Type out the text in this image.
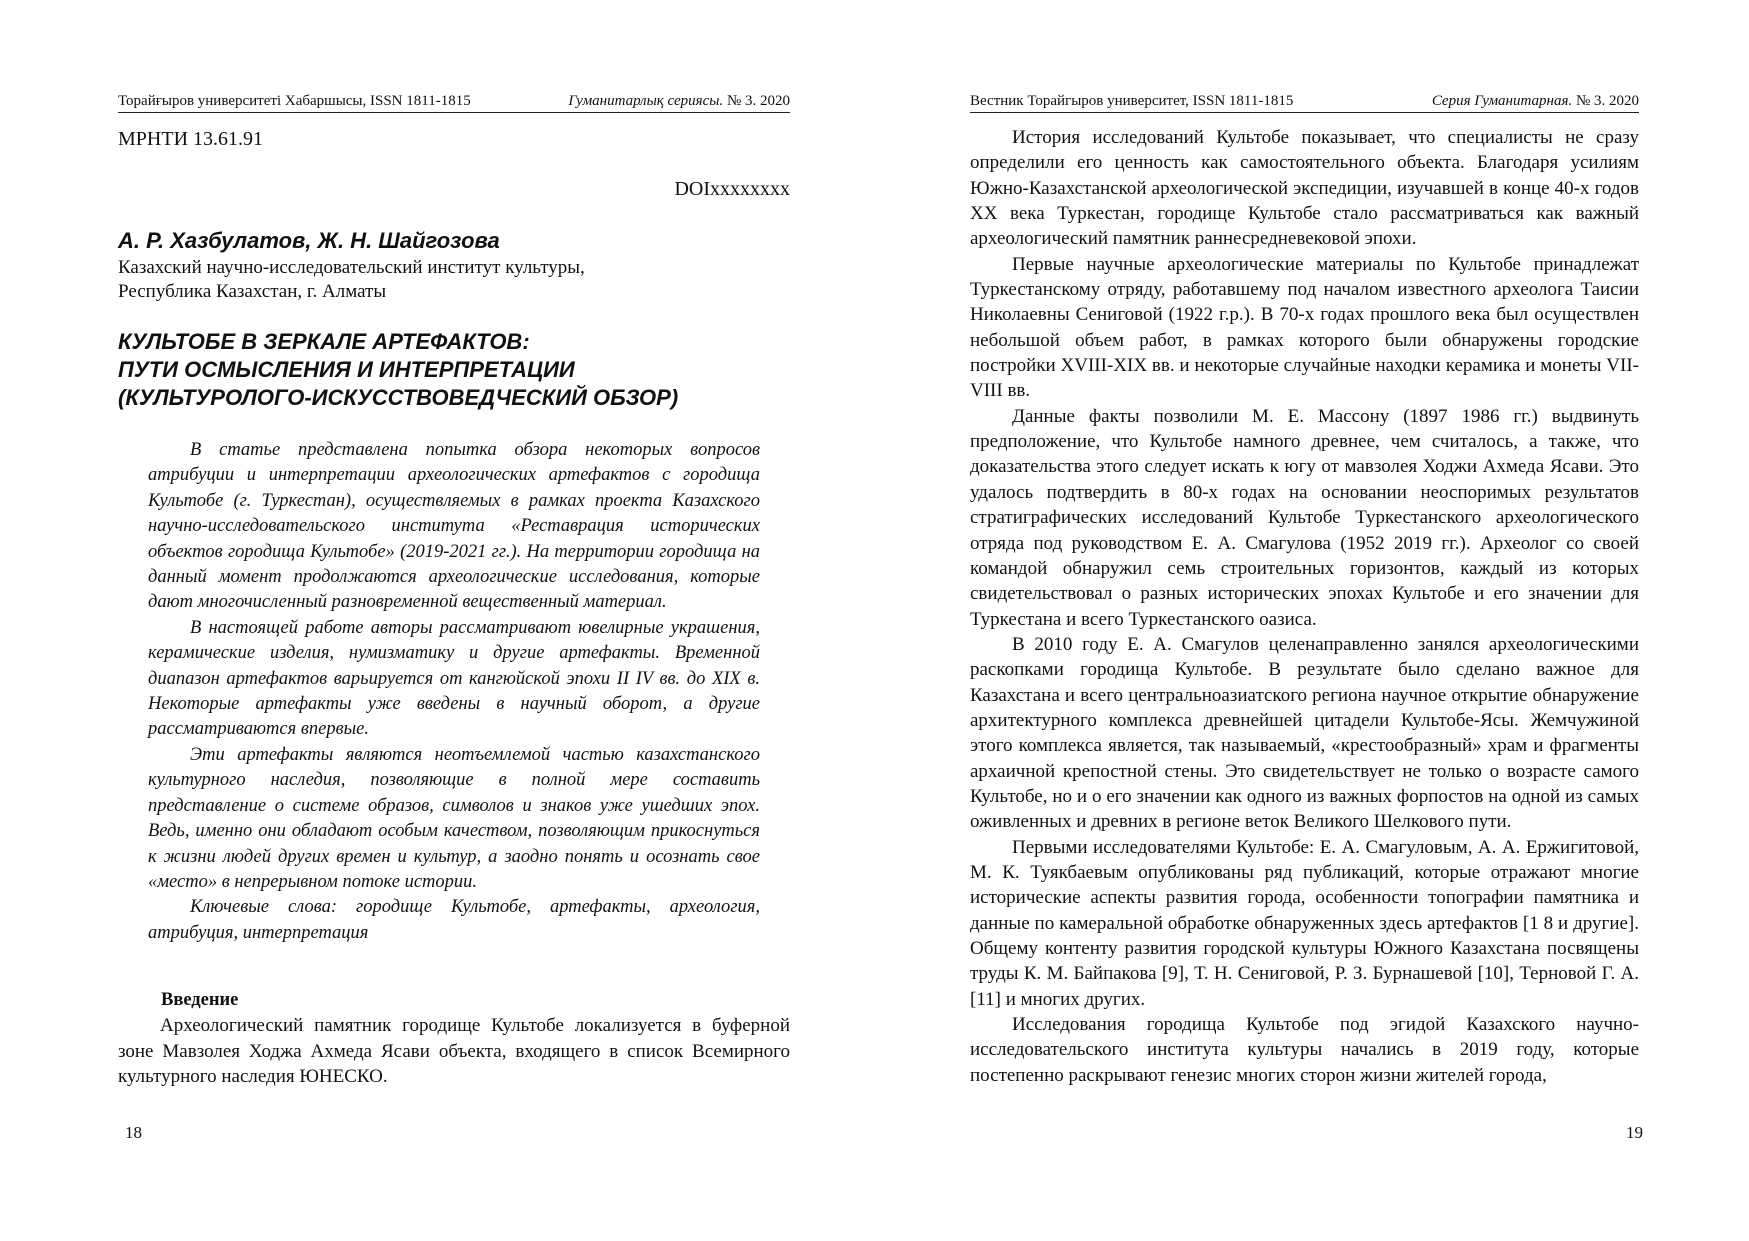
Торайғыров университеті Хабаршысы, ISSN 1811-1815	Гуманитарлық сериясы. № 3. 2020
МРНТИ 13.61.91
DOIxxxxxxxx
А. Р. Хазбулатов, Ж. Н. Шайгозова
Казахский научно-исследовательский институт культуры,
Республика Казахстан, г. Алматы
КУЛЬТОБЕ В ЗЕРКАЛЕ АРТЕФАКТОВ:
ПУТИ ОСМЫСЛЕНИЯ И ИНТЕРПРЕТАЦИИ
(КУЛЬТУРОЛОГО-ИСКУССТВОВЕДЧЕСКИЙ ОБЗОР)

В статье представлена попытка обзора некоторых вопросов атрибуции и интерпретации археологических артефактов с городища Культобе (г. Туркестан), осуществляемых в рамках проекта Казахского научно-исследовательского института «Реставрация исторических объектов городища Культобе» (2019-2021 гг.). На территории городища на данный момент продолжаются археологические исследования, которые дают многочисленный разновременной вещественный материал.

В настоящей работе авторы рассматривают ювелирные украшения, керамические изделия, нумизматику и другие артефакты. Временной диапазон артефактов варьируется от кангюйской эпохи II IV вв. до XIX в. Некоторые артефакты уже введены в научный оборот, а другие рассматриваются впервые.

Эти артефакты являются неотъемлемой частью казахстанского культурного наследия, позволяющие в полной мере составить представление о системе образов, символов и знаков уже ушедших эпох. Ведь, именно они обладают особым качеством, позволяющим прикоснуться к жизни людей других времен и культур, а заодно понять и осознать свое «место» в непрерывном потоке истории.

Ключевые слова: городище Культобе, артефакты, археология, атрибуция, интерпретация

Введение

Археологический памятник городище Культобе локализуется в буферной зоне Мавзолея Ходжа Ахмеда Ясави объекта, входящего в список Всемирного культурного наследия ЮНЕСКО.

18
Вестник Торайгыров университет, ISSN 1811-1815	Серия Гуманитарная. № 3. 2020

История исследований Культобе показывает, что специалисты не сразу определили его ценность как самостоятельного объекта. Благодаря усилиям Южно-Казахстанской археологической экспедиции, изучавшей в конце 40-х годов XX века Туркестан, городище Культобе стало рассматриваться как важный археологический памятник раннесредневековой эпохи.

Первые научные археологические материалы по Культобе принадлежат Туркестанскому отряду, работавшему под началом известного археолога Таисии Николаевны Сениговой (1922 г.р.). В 70-х годах прошлого века был осуществлен небольшой объем работ, в рамках которого были обнаружены городские постройки XVIII-XIX вв. и некоторые случайные находки керамика и монеты VII-VIII вв.

Данные факты позволили М. Е. Массону (1897 1986 гг.) выдвинуть предположение, что Культобе намного древнее, чем считалось, а также, что доказательства этого следует искать к югу от мавзолея Ходжи Ахмеда Ясави. Это удалось подтвердить в 80-х годах на основании неоспоримых результатов стратиграфических исследований Культобе Туркестанского археологического отряда под руководством Е. А. Смагулова (1952 2019 гг.). Археолог со своей командой обнаружил семь строительных горизонтов, каждый из которых свидетельствовал о разных исторических эпохах Культобе и его значении для Туркестана и всего Туркестанского оазиса.

В 2010 году Е. А. Смагулов целенаправленно занялся археологическими раскопками городища Культобе. В результате было сделано важное для Казахстана и всего центральноазиатского региона научное открытие обнаружение архитектурного комплекса древнейшей цитадели Культобе-Ясы. Жемчужиной этого комплекса является, так называемый, «крестообразный» храм и фрагменты архаичной крепостной стены. Это свидетельствует не только о возрасте самого Культобе, но и о его значении как одного из важных форпостов на одной из самых оживленных и древних в регионе веток Великого Шелкового пути.

Первыми исследователями Культобе: Е. А. Смагуловым, А. А. Ержигитовой, М. К. Туякбаевым опубликованы ряд публикаций, которые отражают многие исторические аспекты развития города, особенности топографии памятника и данные по камеральной обработке обнаруженных здесь артефактов [1 8 и другие]. Общему контенту развития городской культуры Южного Казахстана посвящены труды К. М. Байпакова [9], Т. Н. Сениговой, Р. З. Бурнашевой [10], Терновой Г. А. [11] и многих других.

Исследования городища Культобе под эгидой Казахского научно-исследовательского института культуры начались в 2019 году, которые постепенно раскрывают генезис многих сторон жизни жителей города,

19
